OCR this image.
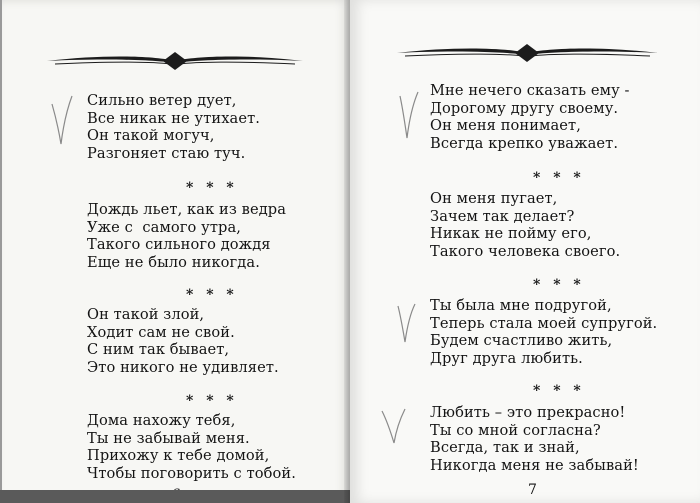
Сильно ветер дует,
Все никак не утихает.
Он такой могуч,
Разгоняет стаю туч.
* * *
Дождь льет, как из ведра
Уже с  самого утра,
Такого сильного дождя
Еще не было никогда.
* * *
Он такой злой,
Ходит сам не свой.
С ним так бывает,
Это никого не удивляет.
* * *
Дома нахожу тебя,
Ты не забывай меня.
Прихожу к тебе домой,
Чтобы поговорить с тобой.
Мне нечего сказать ему -
Дорогому другу своему.
Он меня понимает,
Всегда крепко уважает.
* * *
Он меня пугает,
Зачем так делает?
Никак не пойму его,
Такого человека своего.
* * *
Ты была мне подругой,
Теперь стала моей супругой.
Будем счастливо жить,
Друг друга любить.
* * *
Любить – это прекрасно!
Ты со мной согласна?
Всегда, так и знай,
Никогда меня не забывай!
7
